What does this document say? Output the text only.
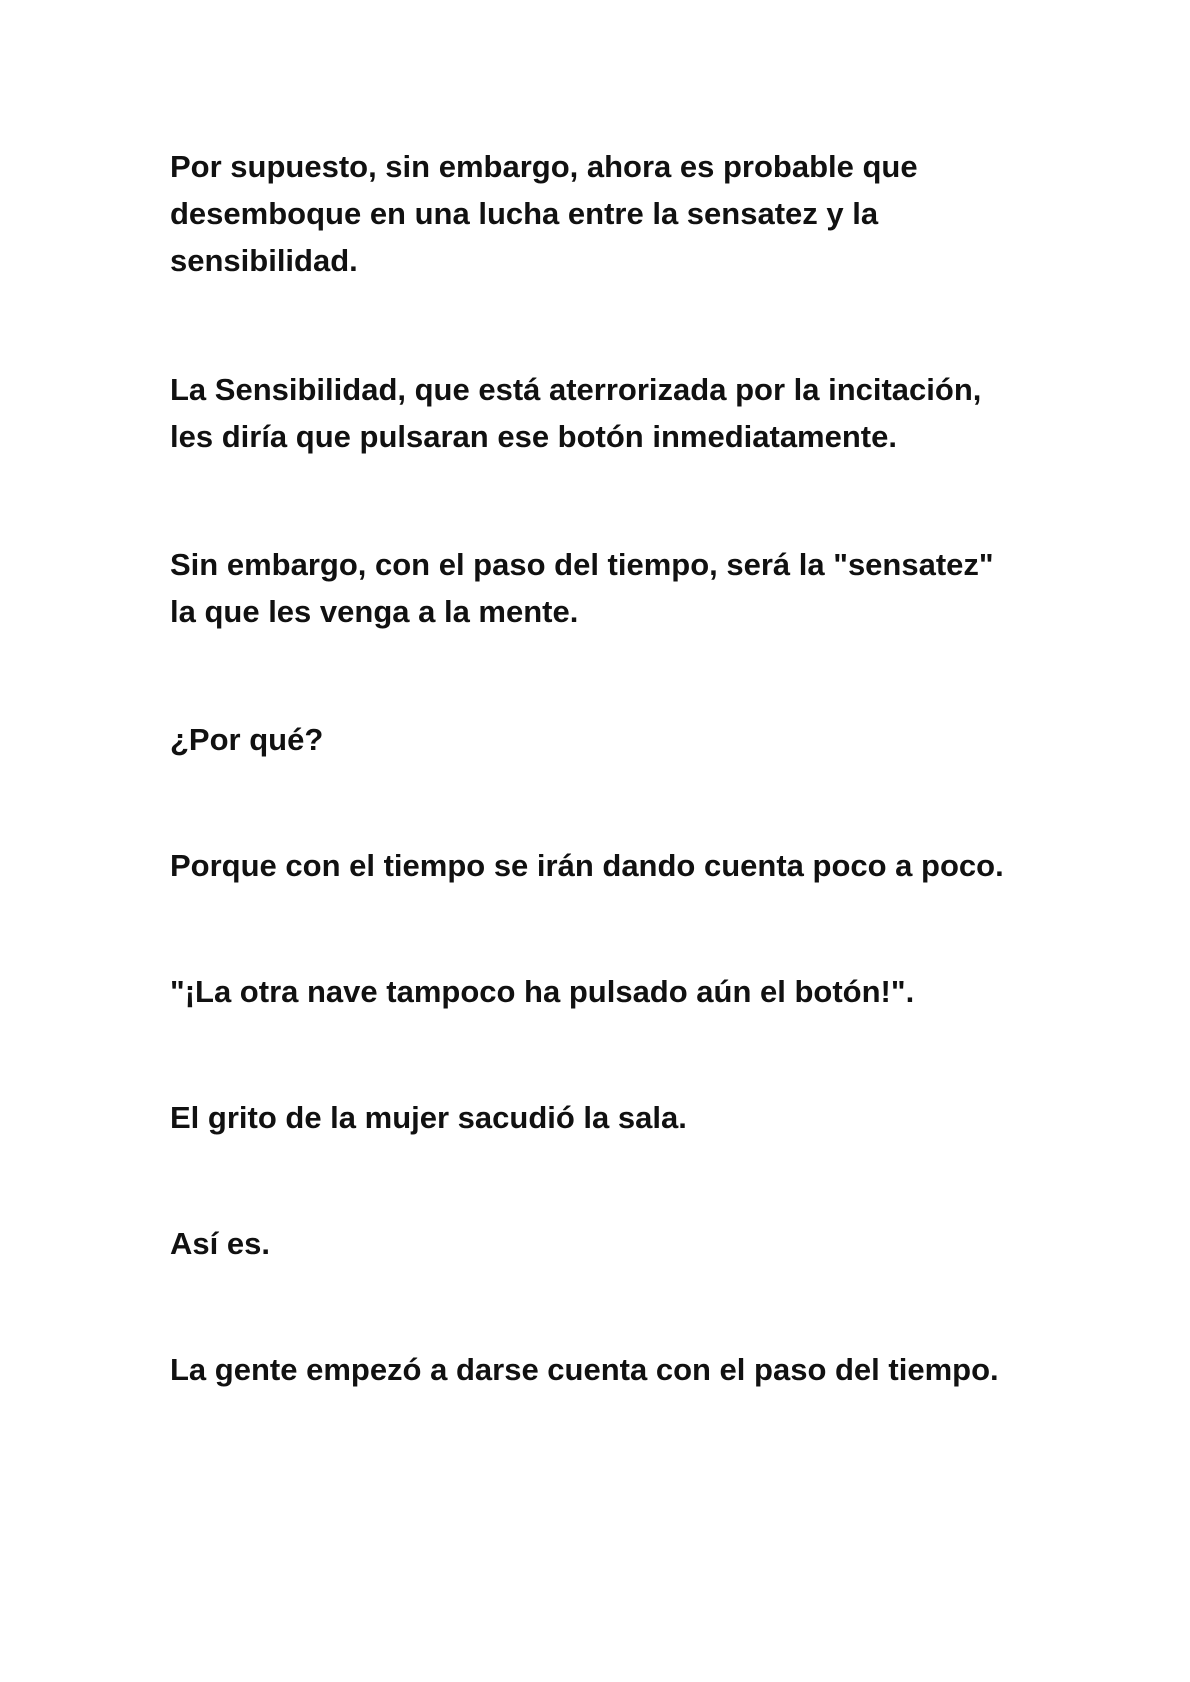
Por supuesto, sin embargo, ahora es probable que
desemboque en una lucha entre la sensatez y la
sensibilidad.

La Sensibilidad, que está aterrorizada por la incitación,
les diría que pulsaran ese botón inmediatamente.

Sin embargo, con el paso del tiempo, será la "sensatez"
la que les venga a la mente.

¿Por qué?

Porque con el tiempo se irán dando cuenta poco a poco.

"¡La otra nave tampoco ha pulsado aún el botón!".

El grito de la mujer sacudió la sala.

Así es.

La gente empezó a darse cuenta con el paso del tiempo.
